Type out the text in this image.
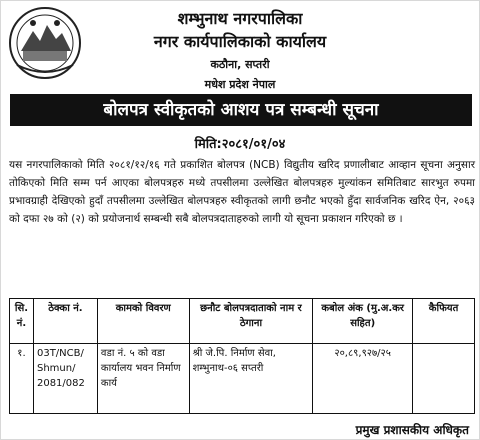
शम्भुनाथ नगरपालिका
नगर कार्यपालिकाको कार्यालय
कठौना, सप्तरी
मधेश प्रदेश नेपाल
बोलपत्र स्वीकृतको आशय पत्र सम्बन्धी सूचना
मिति:२०८१/०१/०४
यस नगरपालिकाको मिति २०८१/१२/१६ गते प्रकाशित बोलपत्र (NCB) विद्युतीय खरिद प्रणालीबाट आव्हान सूचना अनुसार तोकिएको मिति सम्म पर्न आएका बोलपत्रहरु मध्ये तपसीलमा उल्लेखित बोलपत्रहरु मुल्यांकन समितिबाट सारभुत रुपमा प्रभावग्राही देखिएको हुदाँ तपसीलमा उल्लेखित बोलपत्रहरु स्वीकृतको लागी छनौट भएको हुँदा सार्वजनिक खरिद ऐन, २०६३ को दफा २७ को (२) को प्रयोजनार्थ सम्बन्धी सबै बोलपत्रदाताहरुको लागी यो सूचना प्रकाशन गरिएको छ ।
सि. नं.	ठेक्का नं.	कामको विवरण	छनौट बोलपत्रदाताको नाम र ठेगाना	कबोल अंक (मु.अ.कर सहित)	कैफियत
१.	03T/NCB/ Shmun/ 2081/082	वडा नं. ५ को वडा कार्यालय भवन निर्माण कार्य	श्री जे.पि. निर्माण सेवा, शम्भुनाथ-०६ सप्तरी	२०,८९,९२७/२५	
प्रमुख प्रशासकीय अधिकृत
